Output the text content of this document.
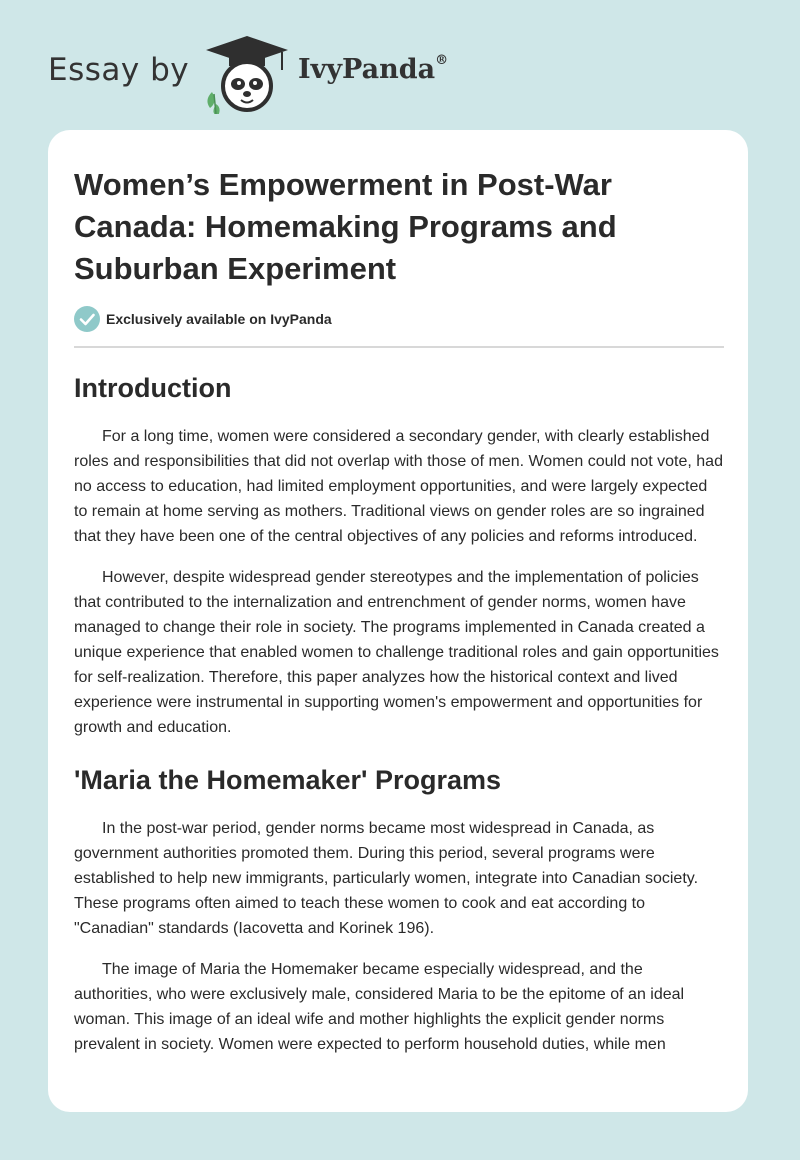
Essay by	IvyPanda®
Women’s Empowerment in Post-War Canada: Homemaking Programs and Suburban Experiment
Exclusively available on IvyPanda
Introduction

For a long time, women were considered a secondary gender, with clearly established roles and responsibilities that did not overlap with those of men. Women could not vote, had no access to education, had limited employment opportunities, and were largely expected to remain at home serving as mothers. Traditional views on gender roles are so ingrained that they have been one of the central objectives of any policies and reforms introduced.

However, despite widespread gender stereotypes and the implementation of policies that contributed to the internalization and entrenchment of gender norms, women have managed to change their role in society. The programs implemented in Canada created a unique experience that enabled women to challenge traditional roles and gain opportunities for self-realization. Therefore, this paper analyzes how the historical context and lived experience were instrumental in supporting women's empowerment and opportunities for growth and education.

'Maria the Homemaker' Programs

In the post-war period, gender norms became most widespread in Canada, as government authorities promoted them. During this period, several programs were established to help new immigrants, particularly women, integrate into Canadian society. These programs often aimed to teach these women to cook and eat according to "Canadian" standards (Iacovetta and Korinek 196).

The image of Maria the Homemaker became especially widespread, and the authorities, who were exclusively male, considered Maria to be the epitome of an ideal woman. This image of an ideal wife and mother highlights the explicit gender norms prevalent in society. Women were expected to perform household duties, while men
